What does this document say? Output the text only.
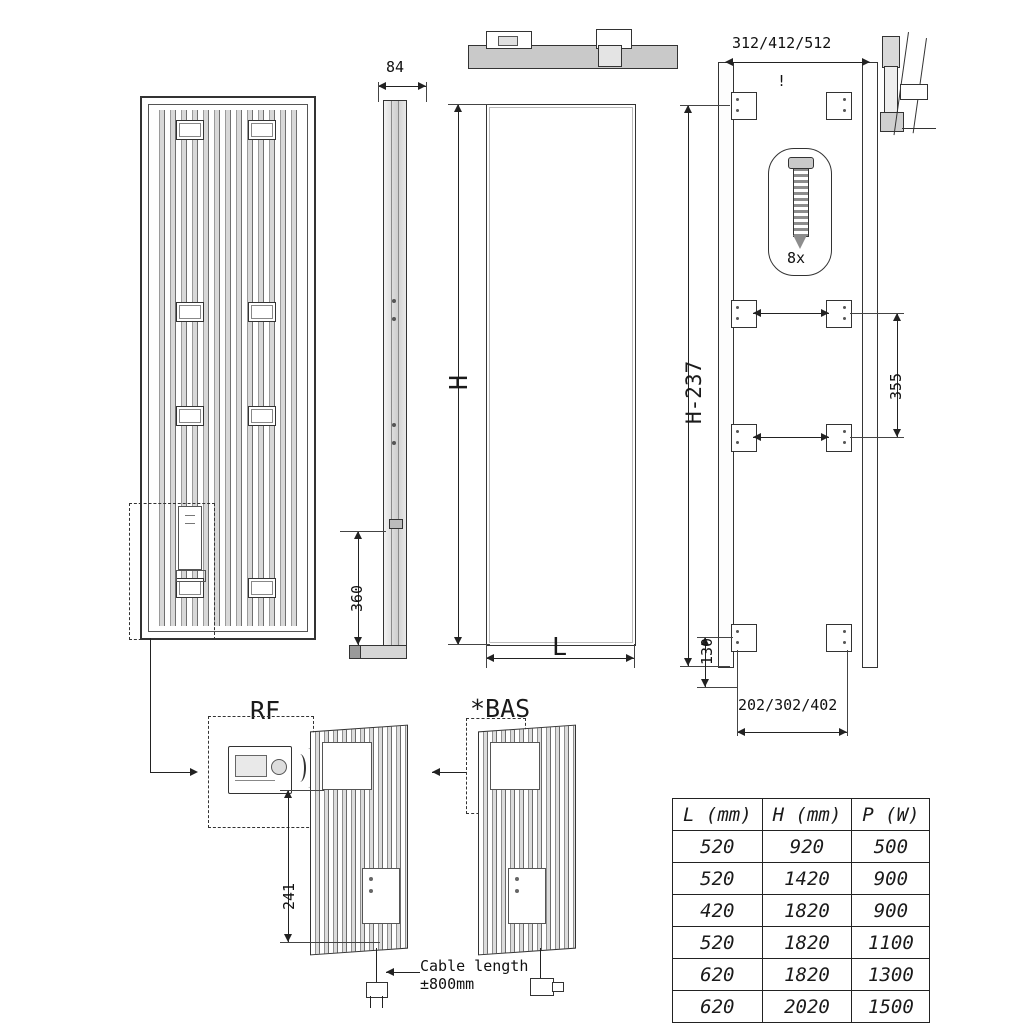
84
360
H
L
312/412/512
!
355
H-237
130
202/302/402
8x
RF
241
*BAS
Cable length
±800mm
L (mm)	H (mm)	P (W)
520	920	500
520	1420	900
420	1820	900
520	1820	1100
620	1820	1300
620	2020	1500
